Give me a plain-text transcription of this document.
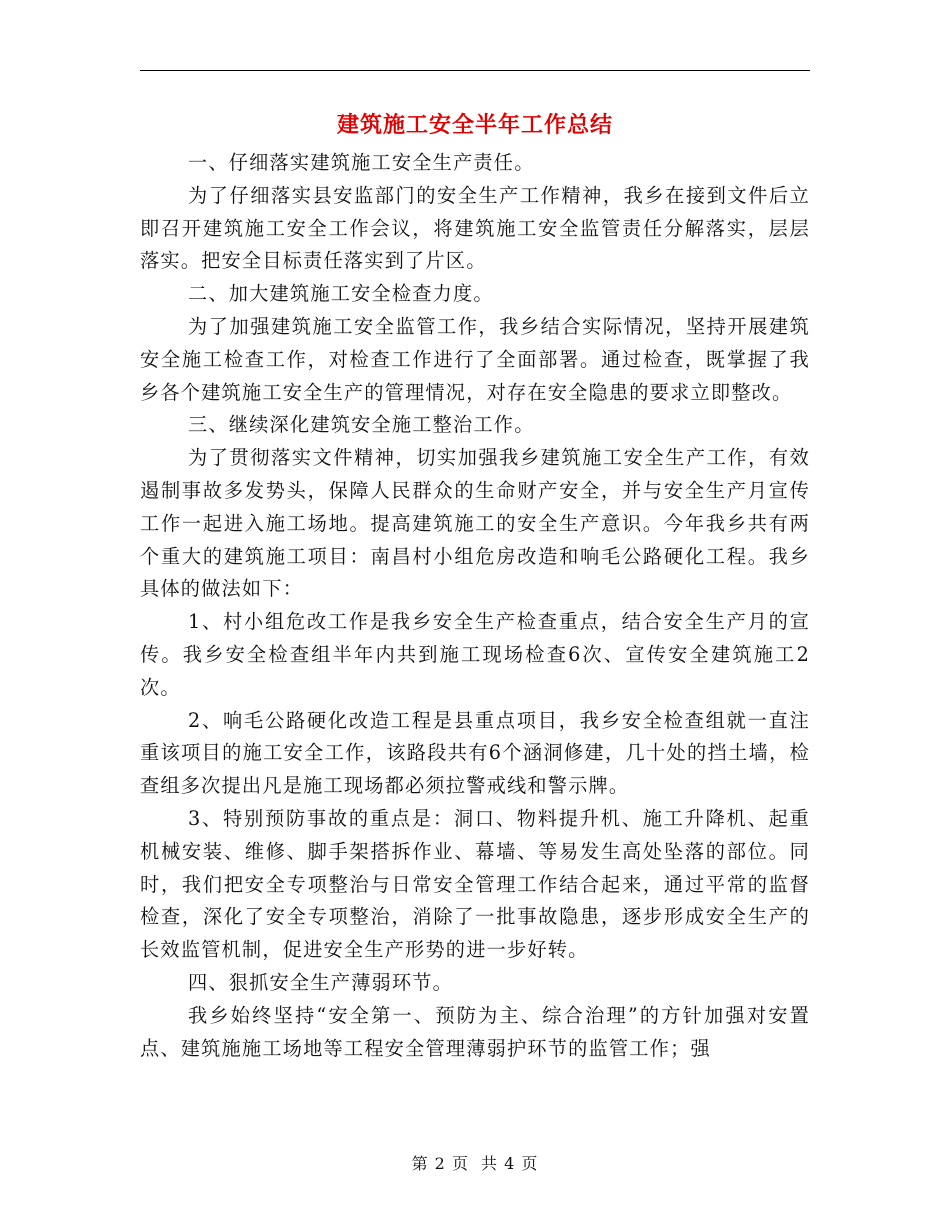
建筑施工安全半年工作总结

一、仔细落实建筑施工安全生产责任。

为了仔细落实县安监部门的安全生产工作精神，我乡在接到文件后立即召开建筑施工安全工作会议，将建筑施工安全监管责任分解落实，层层落实。把安全目标责任落实到了片区。

二、加大建筑施工安全检查力度。

为了加强建筑施工安全监管工作，我乡结合实际情况，坚持开展建筑安全施工检查工作，对检查工作进行了全面部署。通过检查，既掌握了我乡各个建筑施工安全生产的管理情况，对存在安全隐患的要求立即整改。

三、继续深化建筑安全施工整治工作。

为了贯彻落实文件精神，切实加强我乡建筑施工安全生产工作，有效遏制事故多发势头，保障人民群众的生命财产安全，并与安全生产月宣传工作一起进入施工场地。提高建筑施工的安全生产意识。今年我乡共有两个重大的建筑施工项目：南昌村小组危房改造和响毛公路硬化工程。我乡具体的做法如下：

1、村小组危改工作是我乡安全生产检查重点，结合安全生产月的宣传。我乡安全检查组半年内共到施工现场检查6次、宣传安全建筑施工2次。

2、响毛公路硬化改造工程是县重点项目，我乡安全检查组就一直注重该项目的施工安全工作，该路段共有6个涵洞修建，几十处的挡土墙，检查组多次提出凡是施工现场都必须拉警戒线和警示牌。

3、特别预防事故的重点是：洞口、物料提升机、施工升降机、起重机械安装、维修、脚手架搭拆作业、幕墙、等易发生高处坠落的部位。同时，我们把安全专项整治与日常安全管理工作结合起来，通过平常的监督检查，深化了安全专项整治，消除了一批事故隐患，逐步形成安全生产的长效监管机制，促进安全生产形势的进一步好转。

四、狠抓安全生产薄弱环节。

我乡始终坚持“安全第一、预防为主、综合治理”的方针加强对安置点、建筑施施工场地等工程安全管理薄弱护环节的监管工作；强

第 2 页 共 4 页
